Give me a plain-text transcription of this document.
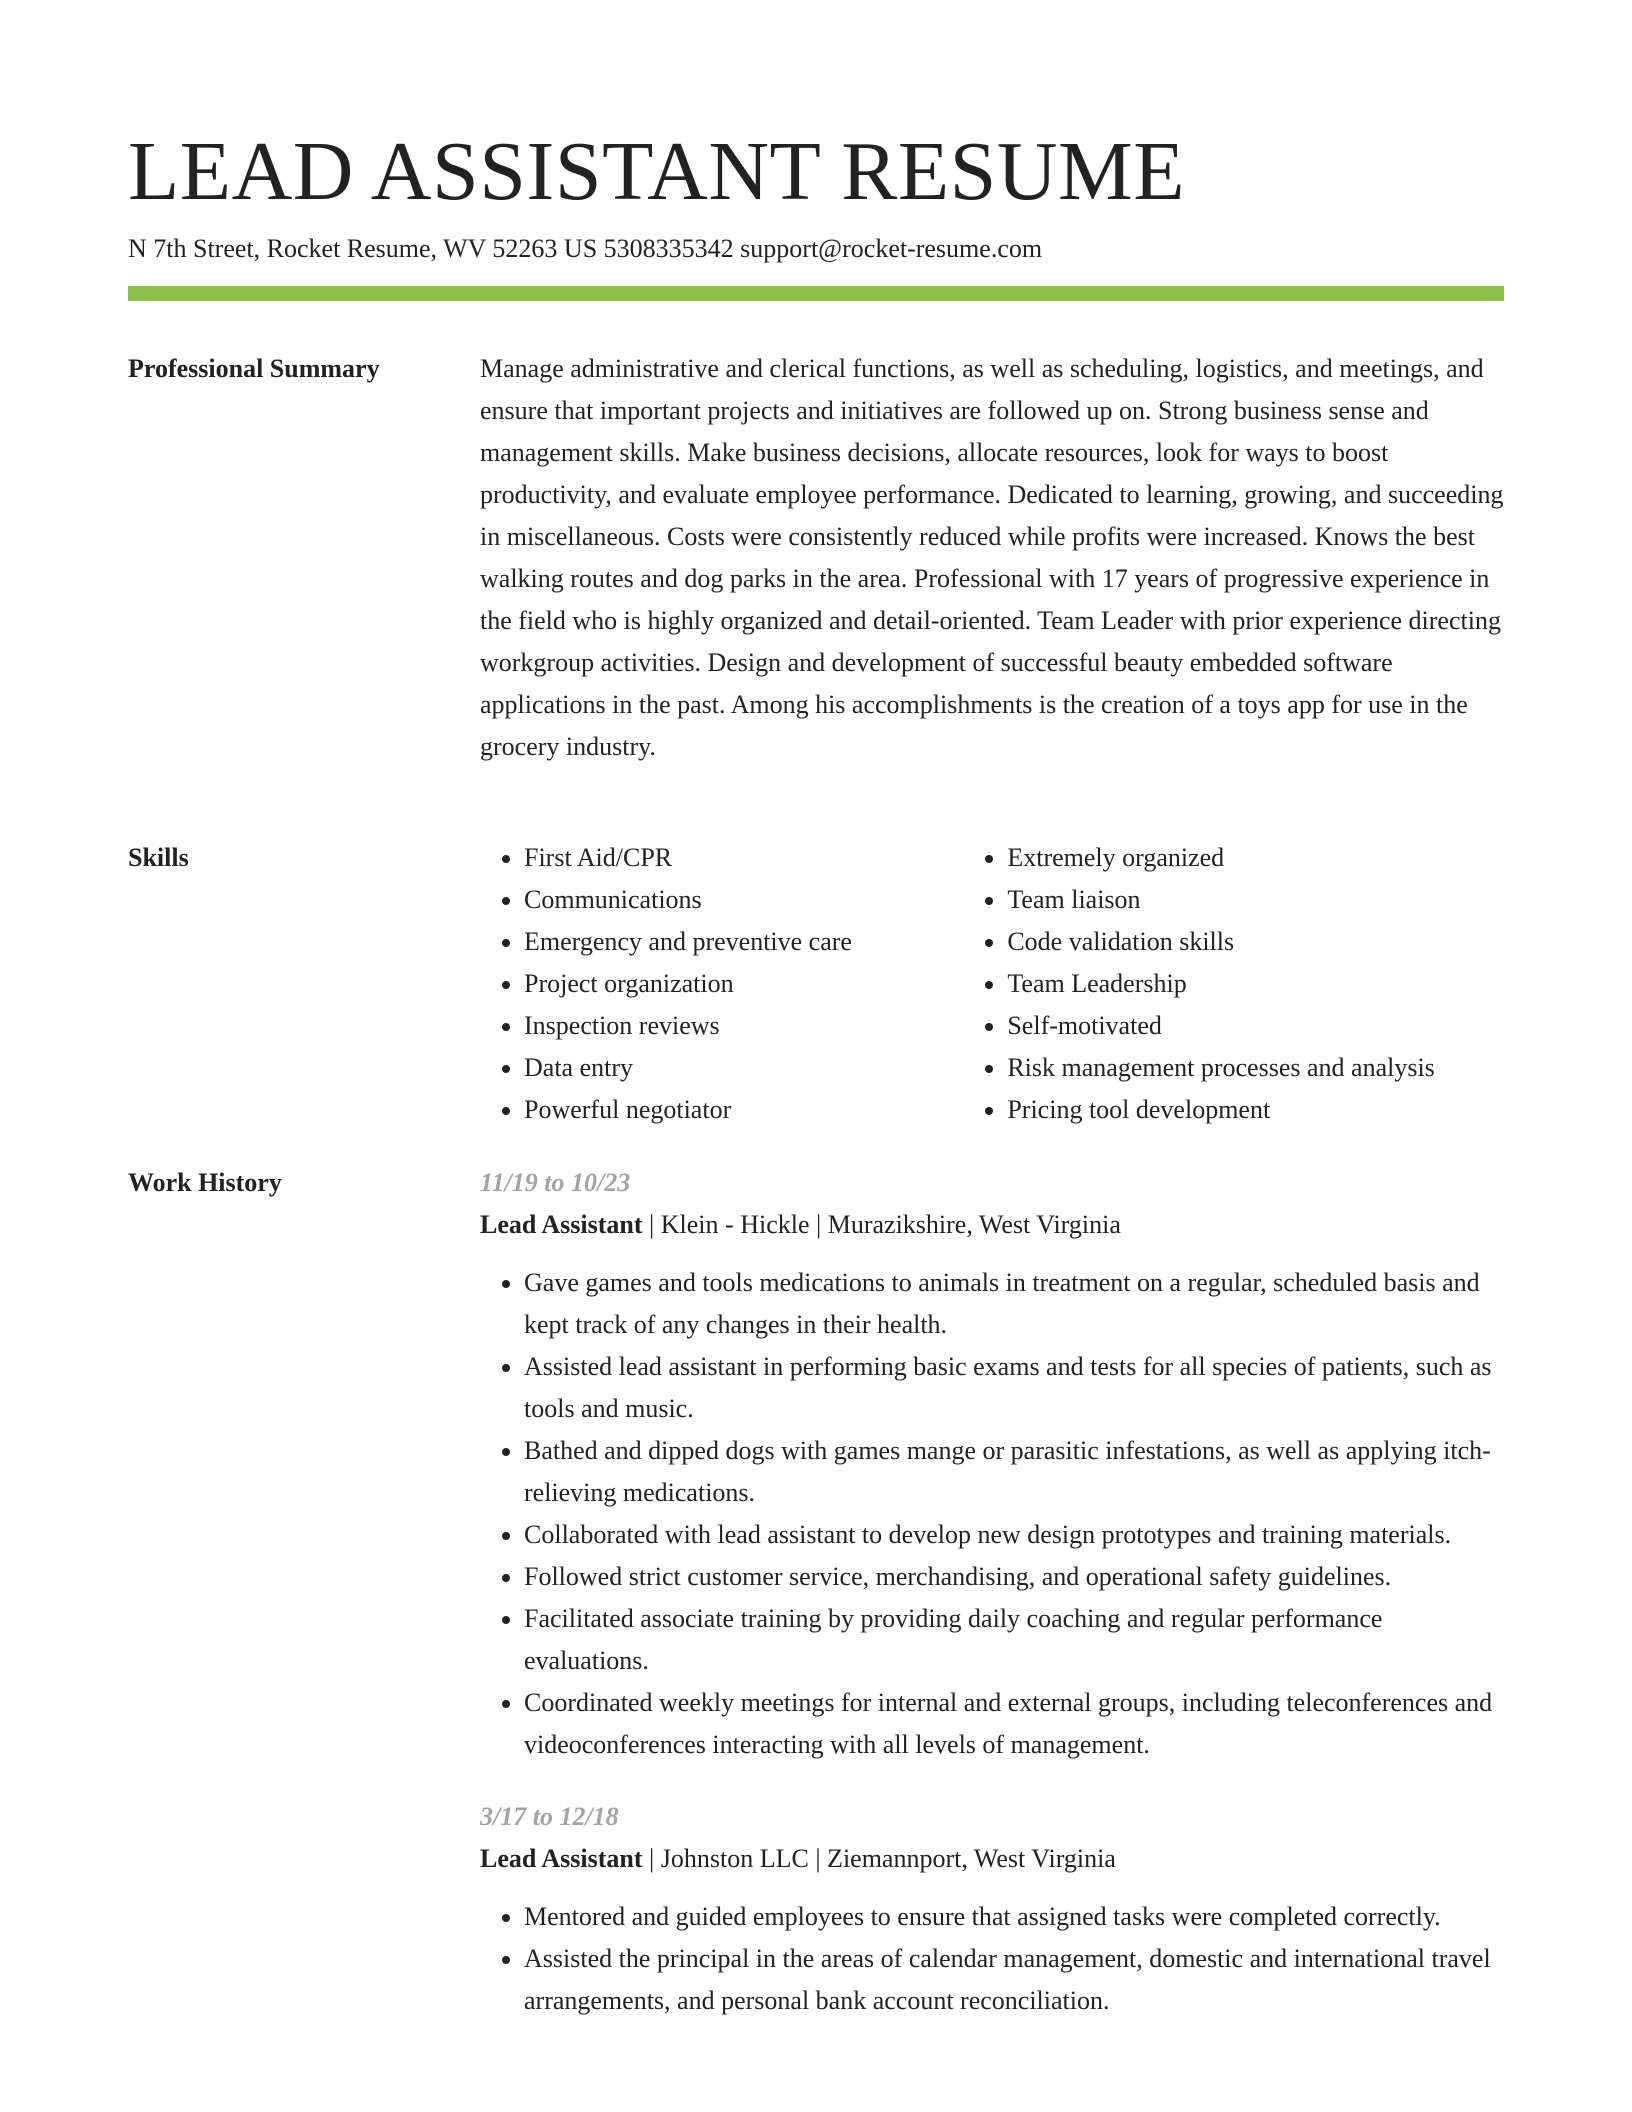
LEAD ASSISTANT RESUME
N 7th Street, Rocket Resume, WV 52263 US 5308335342 support@rocket-resume.com
Professional Summary	Manage administrative and clerical functions, as well as scheduling, logistics, and meetings, and ensure that important projects and initiatives are followed up on. Strong business sense and management skills. Make business decisions, allocate resources, look for ways to boost productivity, and evaluate employee performance. Dedicated to learning, growing, and succeeding in miscellaneous. Costs were consistently reduced while profits were increased. Knows the best walking routes and dog parks in the area. Professional with 17 years of progressive experience in the field who is highly organized and detail-oriented. Team Leader with prior experience directing workgroup activities. Design and development of successful beauty embedded software applications in the past. Among his accomplishments is the creation of a toys app for use in the grocery industry.

Skills	• First Aid/CPR
• Communications
• Emergency and preventive care
• Project organization
• Inspection reviews
• Data entry
• Powerful negotiator
• Extremely organized
• Team liaison
• Code validation skills
• Team Leadership
• Self-motivated
• Risk management processes and analysis
• Pricing tool development
Work History	11/19 to 10/23
Lead Assistant | Klein - Hickle | Murazikshire, West Virginia
• Gave games and tools medications to animals in treatment on a regular, scheduled basis and kept track of any changes in their health.
• Assisted lead assistant in performing basic exams and tests for all species of patients, such as tools and music.
• Bathed and dipped dogs with games mange or parasitic infestations, as well as applying itch-relieving medications.
• Collaborated with lead assistant to develop new design prototypes and training materials.
• Followed strict customer service, merchandising, and operational safety guidelines.
• Facilitated associate training by providing daily coaching and regular performance evaluations.
• Coordinated weekly meetings for internal and external groups, including teleconferences and videoconferences interacting with all levels of management.
3/17 to 12/18
Lead Assistant | Johnston LLC | Ziemannport, West Virginia
• Mentored and guided employees to ensure that assigned tasks were completed correctly.
• Assisted the principal in the areas of calendar management, domestic and international travel arrangements, and personal bank account reconciliation.
